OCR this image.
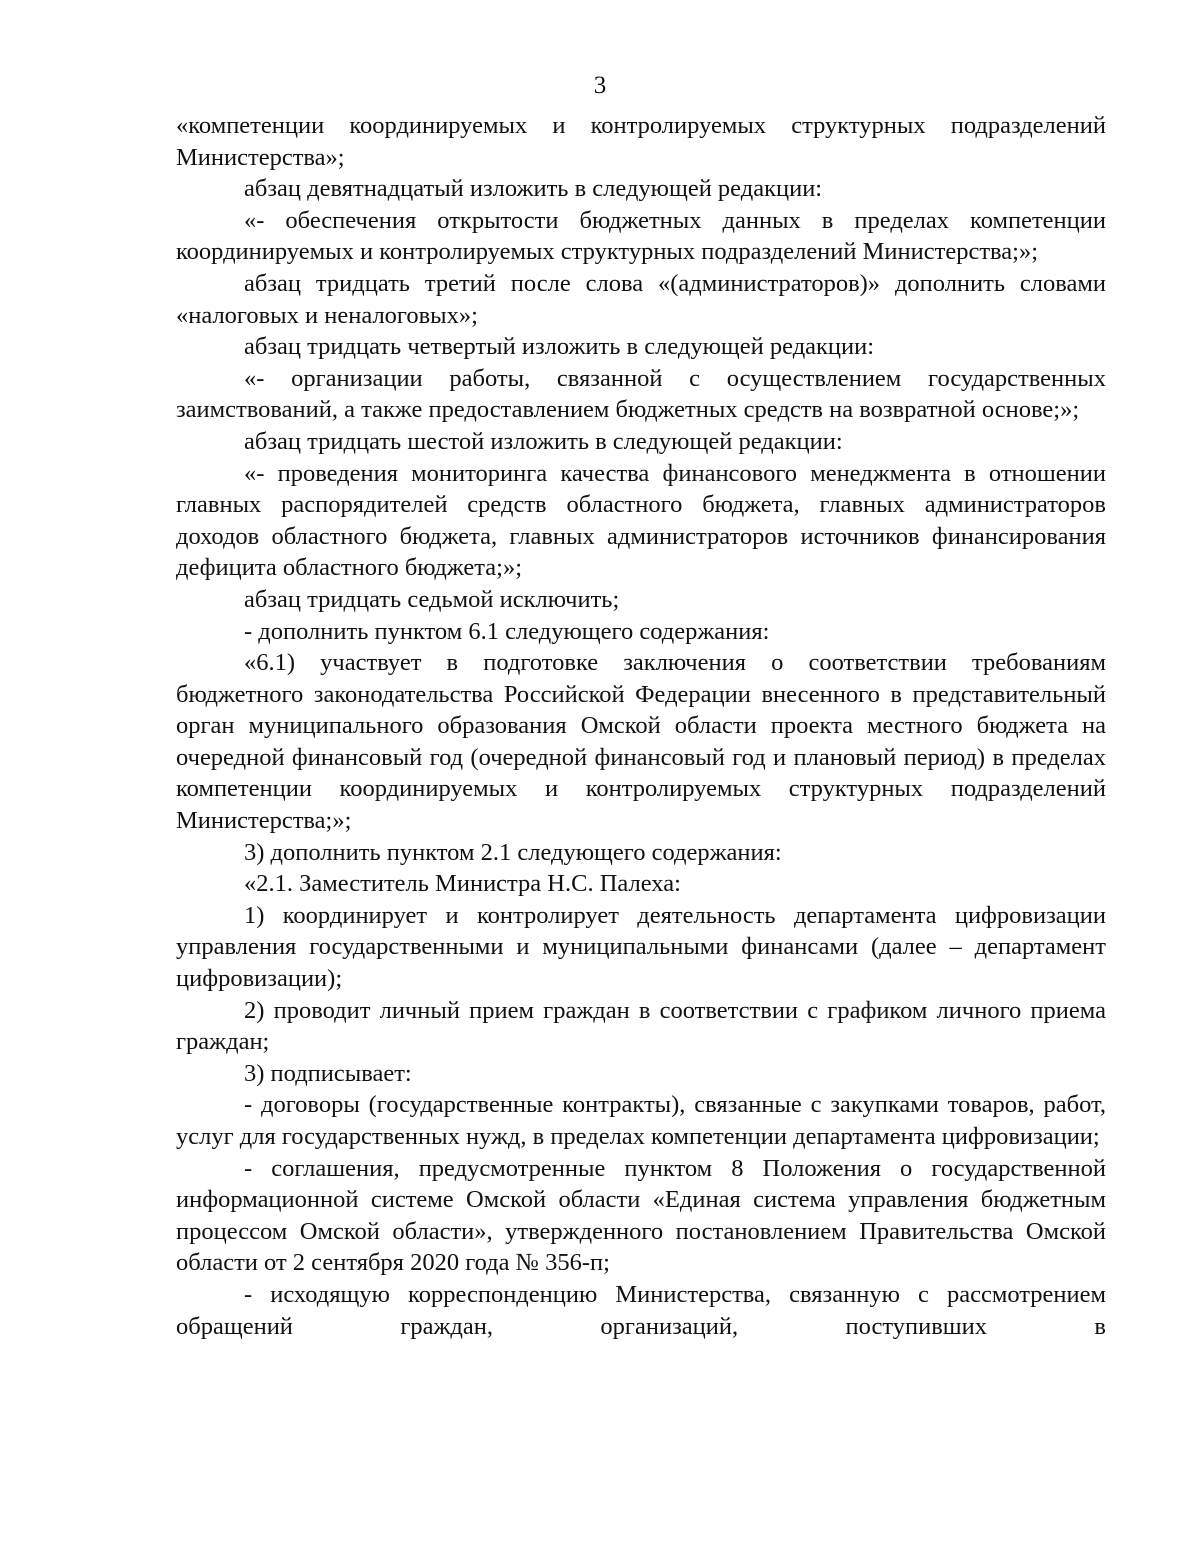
3

«компетенции координируемых и контролируемых структурных подразделений Министерства»;

абзац девятнадцатый изложить в следующей редакции:

«- обеспечения открытости бюджетных данных в пределах компетенции координируемых и контролируемых структурных подразделений Министерства;»;

абзац тридцать третий после слова «(администраторов)» дополнить словами «налоговых и неналоговых»;

абзац тридцать четвертый изложить в следующей редакции:

«- организации работы, связанной с осуществлением государственных заимствований, а также предоставлением бюджетных средств на возвратной основе;»;

абзац тридцать шестой изложить в следующей редакции:

«- проведения мониторинга качества финансового менеджмента в отношении главных распорядителей средств областного бюджета, главных администраторов доходов областного бюджета, главных администраторов источников финансирования дефицита областного бюджета;»;

абзац тридцать седьмой исключить;

- дополнить пунктом 6.1 следующего содержания:

«6.1) участвует в подготовке заключения о соответствии требованиям бюджетного законодательства Российской Федерации внесенного в представительный орган муниципального образования Омской области проекта местного бюджета на очередной финансовый год (очередной финансовый год и плановый период) в пределах компетенции координируемых и контролируемых структурных подразделений Министерства;»;

3) дополнить пунктом 2.1 следующего содержания:

«2.1. Заместитель Министра Н.С. Палеха:

1) координирует и контролирует деятельность департамента цифровизации управления государственными и муниципальными финансами (далее – департамент цифровизации);

2) проводит личный прием граждан в соответствии с графиком личного приема граждан;

3) подписывает:

- договоры (государственные контракты), связанные с закупками товаров, работ, услуг для государственных нужд, в пределах компетенции департамента цифровизации;

- соглашения, предусмотренные пунктом 8 Положения о государственной информационной системе Омской области «Единая система управления бюджетным процессом Омской области», утвержденного постановлением Правительства Омской области от 2 сентября 2020 года № 356-п;

- исходящую корреспонденцию Министерства, связанную с рассмотрением обращений граждан, организаций, поступивших в
